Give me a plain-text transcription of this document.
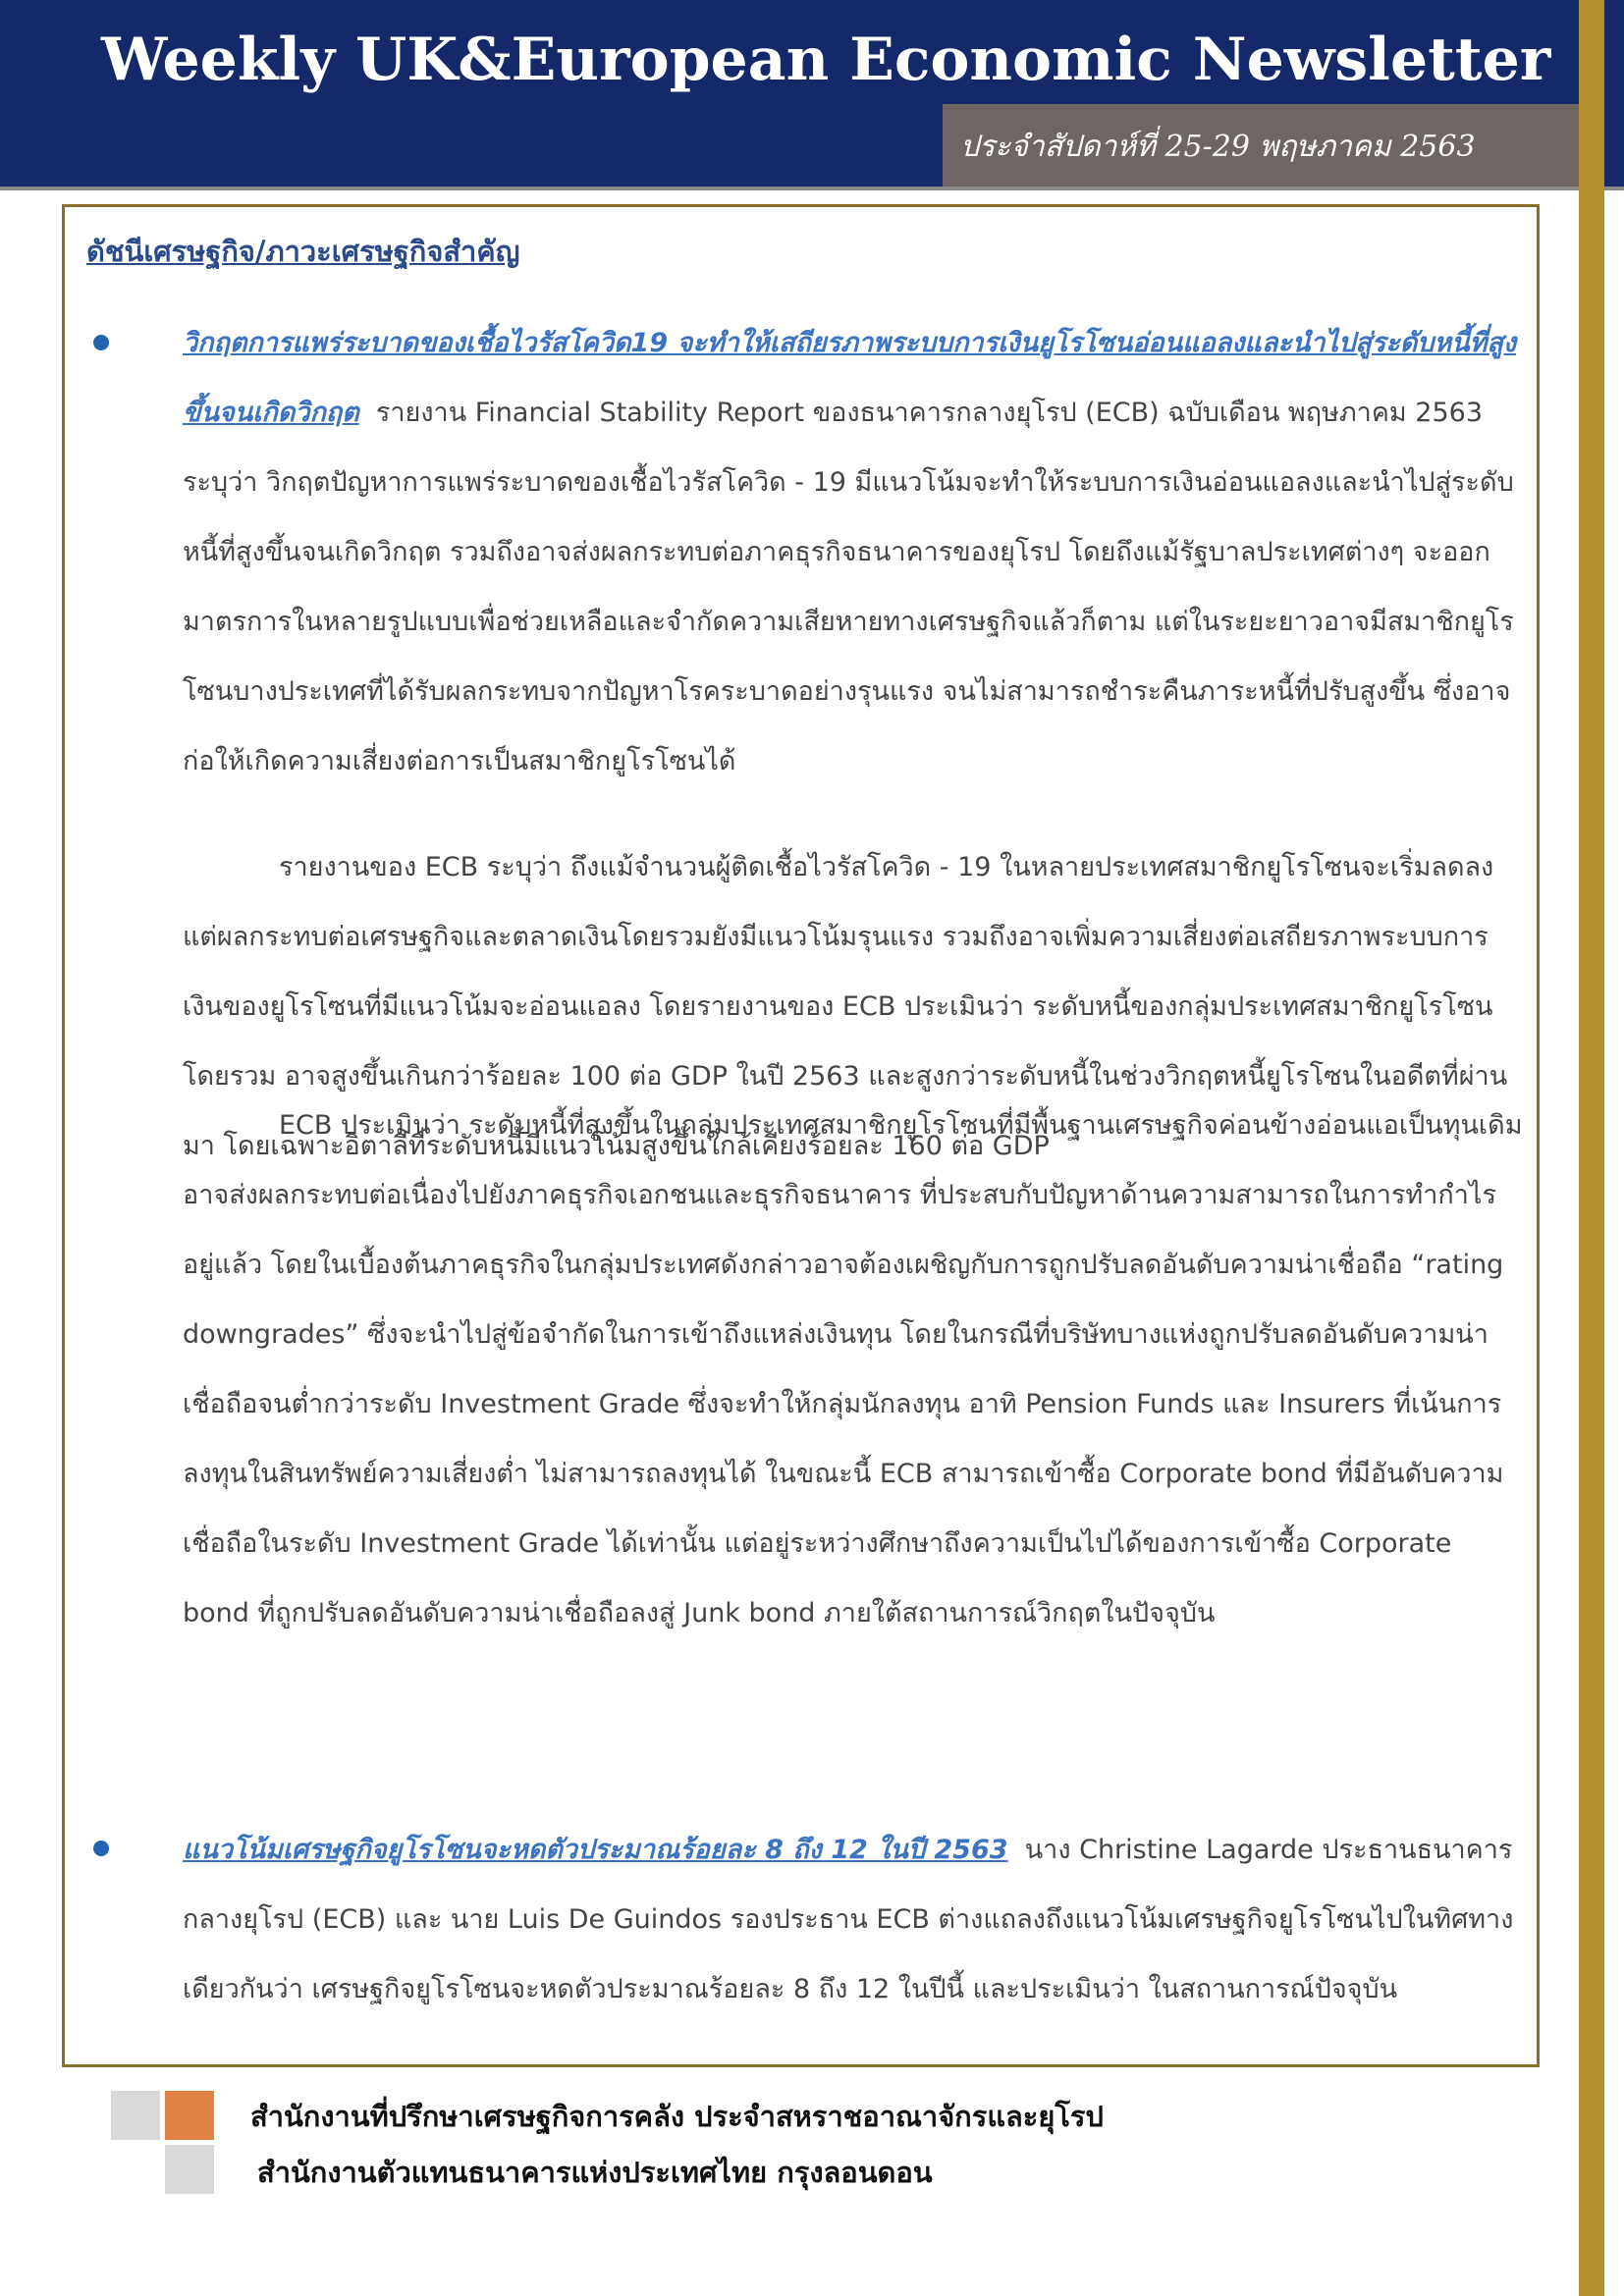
Weekly UK&European Economic Newsletter
ประจำสัปดาห์ที่ 25-29 พฤษภาคม 2563
ดัชนีเศรษฐกิจ/ภาวะเศรษฐกิจสำคัญ

วิกฤตการแพร่ระบาดของเชื้อไวรัสโควิด19 จะทำให้เสถียรภาพระบบการเงินยูโรโซนอ่อนแอลงและนำไปสู่ระดับหนี้ที่สูงขึ้นจนเกิดวิกฤต รายงาน Financial Stability Report ของธนาคารกลางยุโรป (ECB) ฉบับเดือน พฤษภาคม 2563 ระบุว่า วิกฤตปัญหาการแพร่ระบาดของเชื้อไวรัสโควิด - 19 มีแนวโน้มจะทำให้ระบบการเงินอ่อนแอลงและนำไปสู่ระดับหนี้ที่สูงขึ้นจนเกิดวิกฤต รวมถึงอาจส่งผลกระทบต่อภาคธุรกิจธนาคารของยุโรป โดยถึงแม้รัฐบาลประเทศต่างๆ จะออกมาตรการในหลายรูปแบบเพื่อช่วยเหลือและจำกัดความเสียหายทางเศรษฐกิจแล้วก็ตาม แต่ในระยะยาวอาจมีสมาชิกยูโรโซนบางประเทศที่ได้รับผลกระทบจากปัญหาโรคระบาดอย่างรุนแรง จนไม่สามารถชำระคืนภาระหนี้ที่ปรับสูงขึ้น ซึ่งอาจก่อให้เกิดความเสี่ยงต่อการเป็นสมาชิกยูโรโซนได้

รายงานของ ECB ระบุว่า ถึงแม้จำนวนผู้ติดเชื้อไวรัสโควิด - 19 ในหลายประเทศสมาชิกยูโรโซนจะเริ่มลดลง แต่ผลกระทบต่อเศรษฐกิจและตลาดเงินโดยรวมยังมีแนวโน้มรุนแรง รวมถึงอาจเพิ่มความเสี่ยงต่อเสถียรภาพระบบการเงินของยูโรโซนที่มีแนวโน้มจะอ่อนแอลง โดยรายงานของ ECB ประเมินว่า ระดับหนี้ของกลุ่มประเทศสมาชิกยูโรโซนโดยรวม อาจสูงขึ้นเกินกว่าร้อยละ 100 ต่อ GDP ในปี 2563 และสูงกว่าระดับหนี้ในช่วงวิกฤตหนี้ยูโรโซนในอดีตที่ผ่านมา โดยเฉพาะอิตาลีที่ระดับหนี้มีแนวโน้มสูงขึ้นใกล้เคียงร้อยละ 160 ต่อ GDP

ECB ประเมินว่า ระดับหนี้ที่สูงขึ้นในกลุ่มประเทศสมาชิกยูโรโซนที่มีพื้นฐานเศรษฐกิจค่อนข้างอ่อนแอเป็นทุนเดิม อาจส่งผลกระทบต่อเนื่องไปยังภาคธุรกิจเอกชนและธุรกิจธนาคาร ที่ประสบกับปัญหาด้านความสามารถในการทำกำไรอยู่แล้ว โดยในเบื้องต้นภาคธุรกิจในกลุ่มประเทศดังกล่าวอาจต้องเผชิญกับการถูกปรับลดอันดับความน่าเชื่อถือ “rating downgrades” ซึ่งจะนำไปสู่ข้อจำกัดในการเข้าถึงแหล่งเงินทุน โดยในกรณีที่บริษัทบางแห่งถูกปรับลดอันดับความน่าเชื่อถือจนต่ำกว่าระดับ Investment Grade ซึ่งจะทำให้กลุ่มนักลงทุน อาทิ Pension Funds และ Insurers ที่เน้นการลงทุนในสินทรัพย์ความเสี่ยงต่ำ ไม่สามารถลงทุนได้ ในขณะนี้ ECB สามารถเข้าซื้อ Corporate bond ที่มีอันดับความเชื่อถือในระดับ Investment Grade ได้เท่านั้น แต่อยู่ระหว่างศึกษาถึงความเป็นไปได้ของการเข้าซื้อ Corporate bond ที่ถูกปรับลดอันดับความน่าเชื่อถือลงสู่ Junk bond ภายใต้สถานการณ์วิกฤตในปัจจุบัน

แนวโน้มเศรษฐกิจยูโรโซนจะหดตัวประมาณร้อยละ 8 ถึง 12 ในปี 2563 นาง Christine Lagarde ประธานธนาคารกลางยุโรป (ECB) และ นาย Luis De Guindos รองประธาน ECB ต่างแถลงถึงแนวโน้มเศรษฐกิจยูโรโซนไปในทิศทางเดียวกันว่า เศรษฐกิจยูโรโซนจะหดตัวประมาณร้อยละ 8 ถึง 12 ในปีนี้ และประเมินว่า ในสถานการณ์ปัจจุบัน

สำนักงานที่ปรึกษาเศรษฐกิจการคลัง ประจำสหราชอาณาจักรและยุโรป
สำนักงานตัวแทนธนาคารแห่งประเทศไทย กรุงลอนดอน
